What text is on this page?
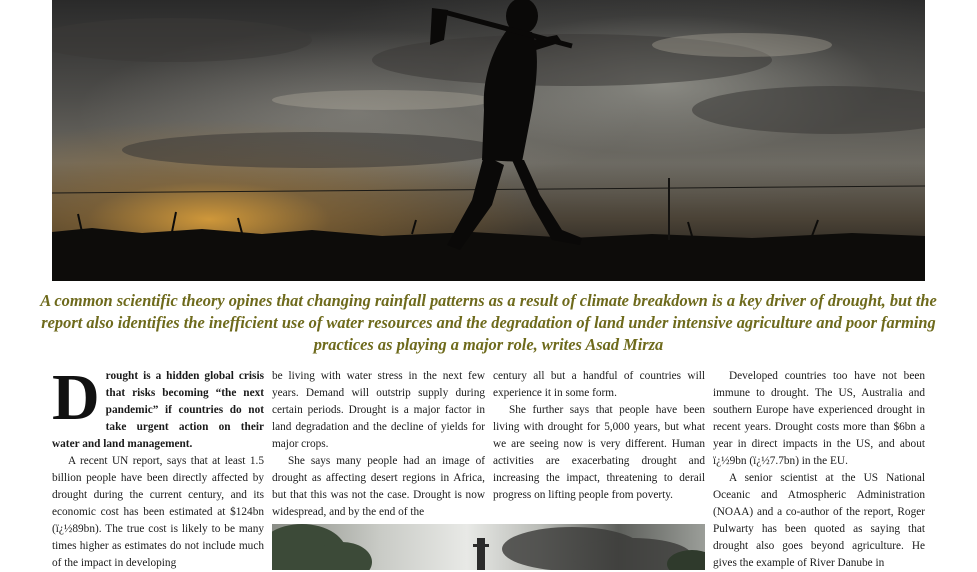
A common scientific theory opines that changing rainfall patterns as a result of climate breakdown is a key driver of drought, but the report also identifies the inefficient use of water resources and the degradation of land under intensive agriculture and poor farming practices as playing a major role, writes Asad Mirza
D rought is a hidden global crisis that risks becoming “the next pandemic” if countries do not take urgent action on their water and land management.

A recent UN report, says that at least 1.5 billion people have been directly affected by drought during the current century, and its economic cost has been estimated at $124bn (ï¿½89bn). The true cost is likely to be many times higher as estimates do not include much of the impact in developing

be living with water stress in the next few years. Demand will outstrip supply during certain periods. Drought is a major factor in land degradation and the decline of yields for major crops.

She says many people had an image of drought as affecting desert regions in Africa, but that this was not the case. Drought is now widespread, and by the end of the

century all but a handful of countries will experience it in some form.

She further says that people have been living with drought for 5,000 years, but what we are seeing now is very different. Human activities are exacerbating drought and increasing the impact, threatening to derail progress on lifting people from poverty.

Developed countries too have not been immune to drought. The US, Australia and southern Europe have experienced drought in recent years. Drought costs more than $6bn a year in direct impacts in the US, and about ï¿½9bn (ï¿½7.7bn) in the EU.

A senior scientist at the US National Oceanic and Atmospheric Administration (NOAA) and a co-author of the report, Roger Pulwarty has been quoted as saying that drought also goes beyond agriculture. He gives the example of River Danube in
